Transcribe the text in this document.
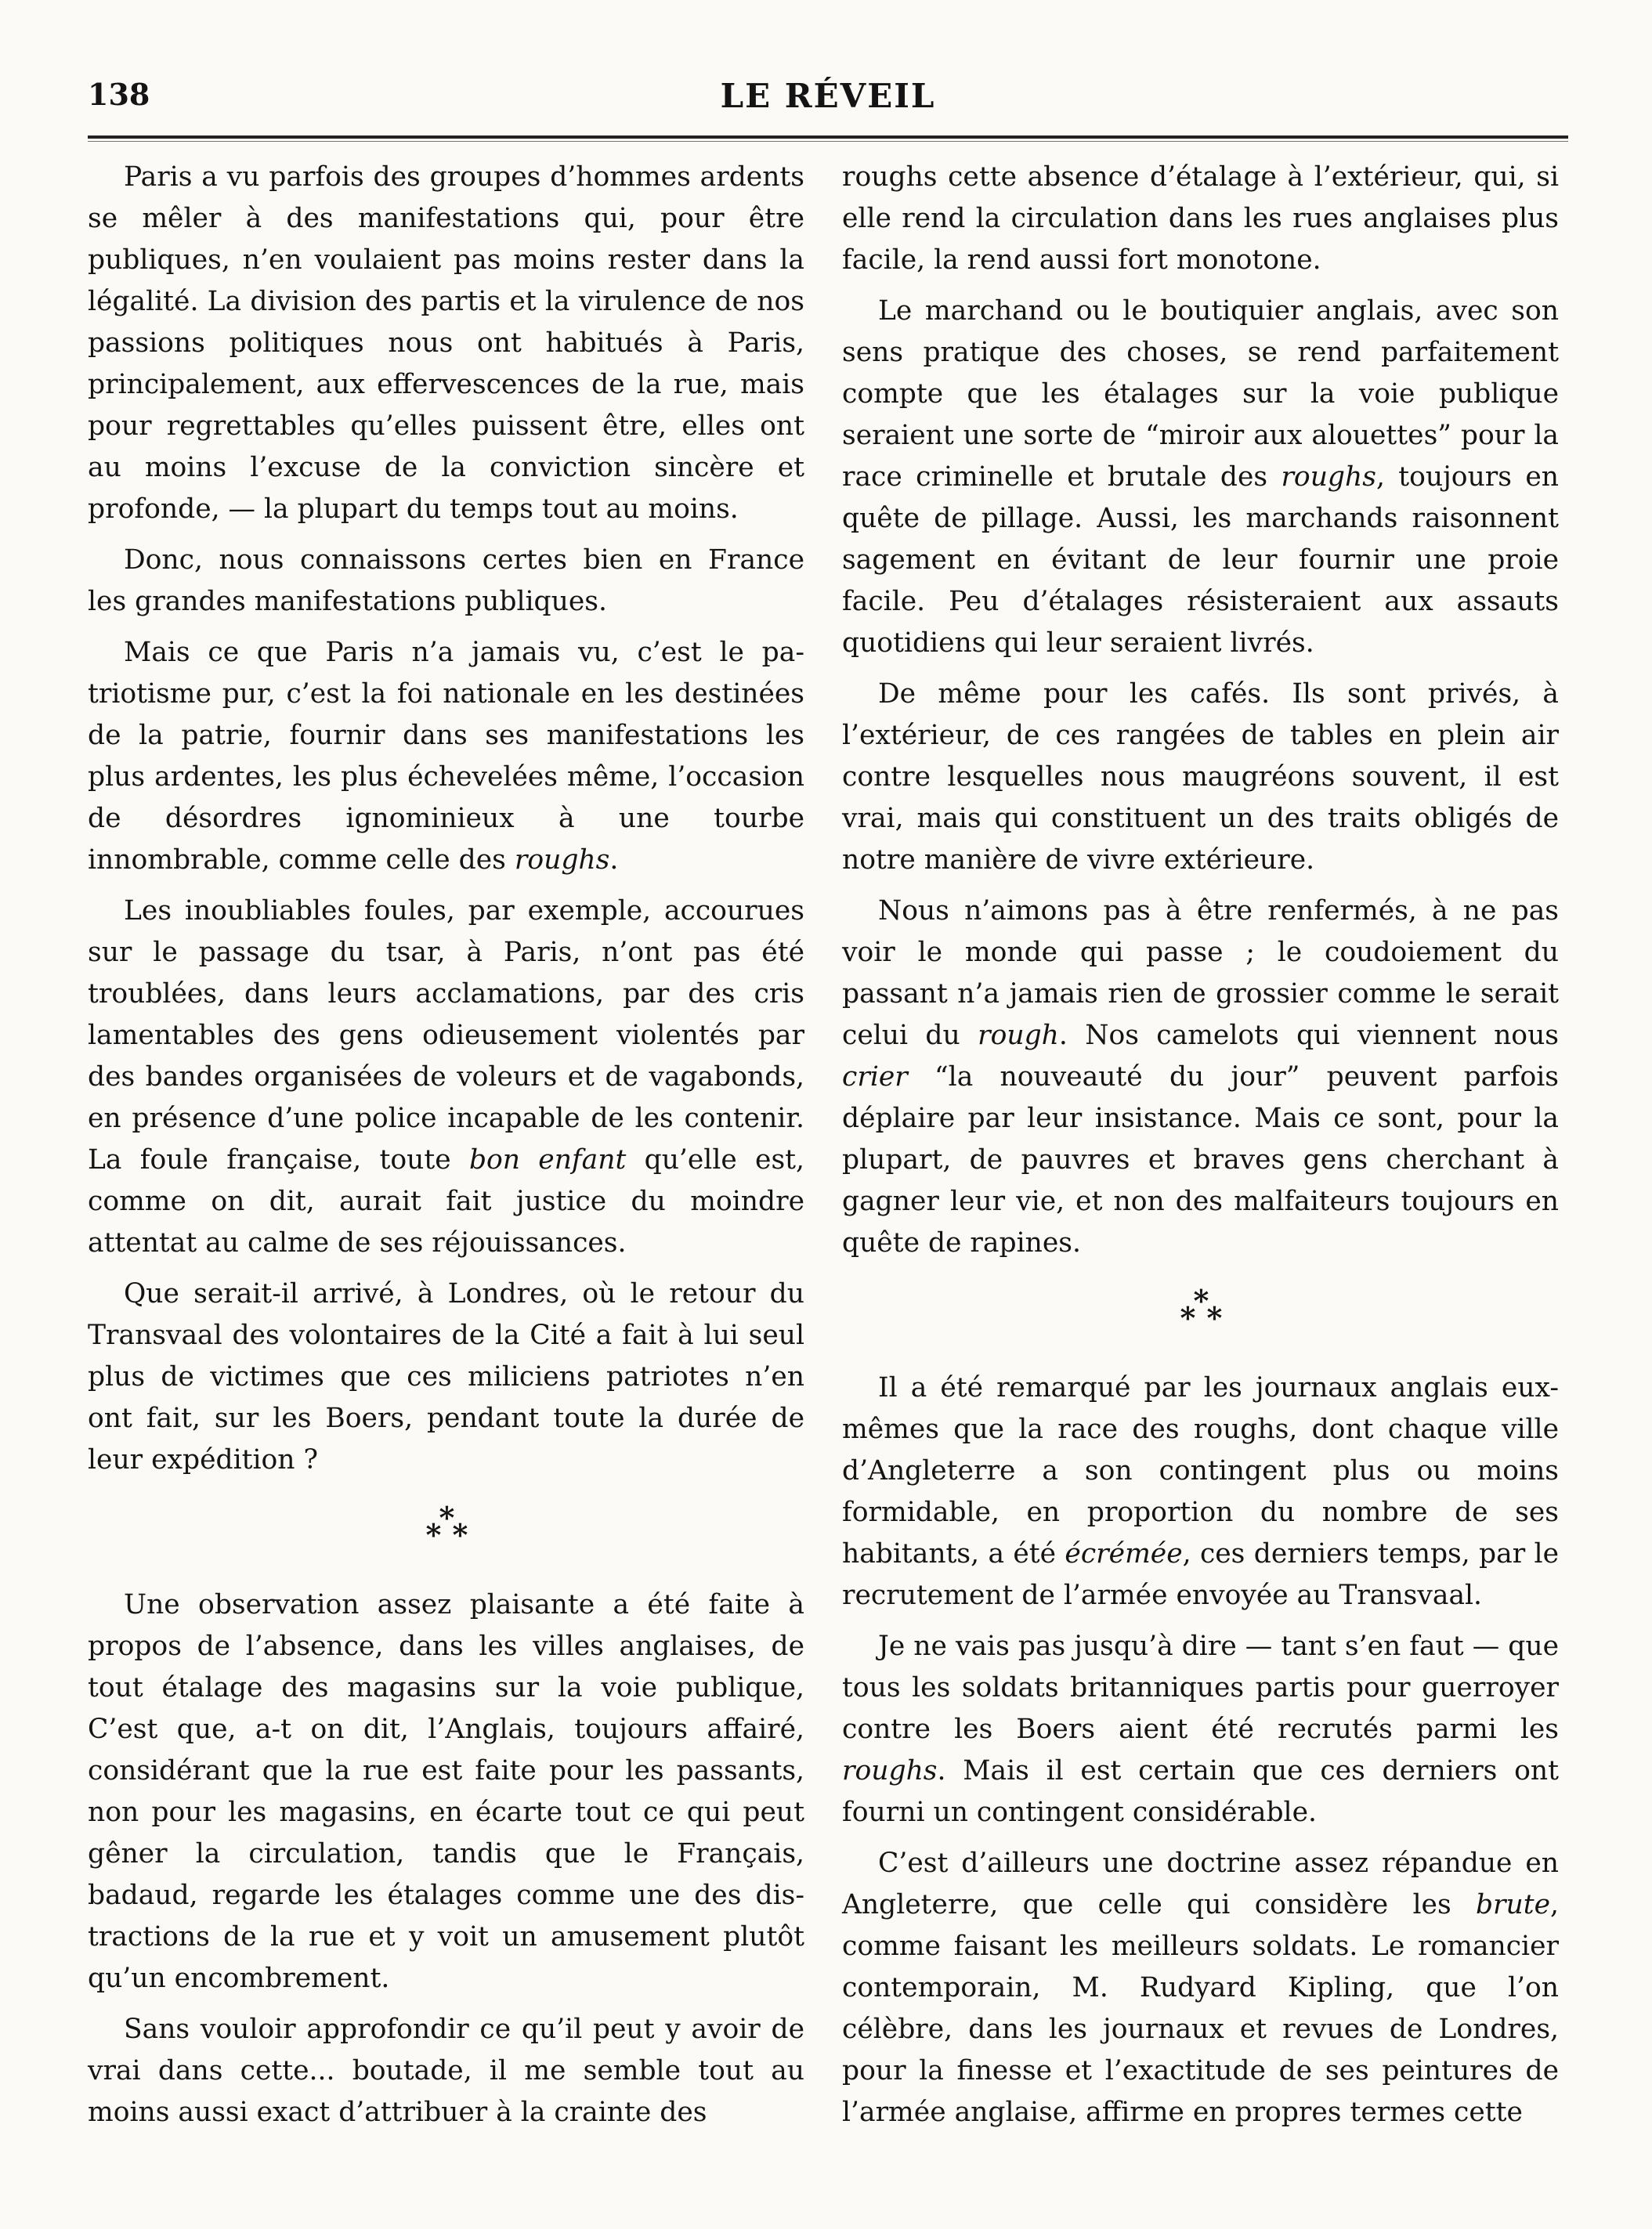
138	LE RÉVEIL

Paris a vu parfois des groupes d’hommes ardents se mêler à des manifestations qui, pour être publiques, n’en voulaient pas moins rester dans la légalité. La division des partis et la virulence de nos passions politiques nous ont habitués à Paris, principalement, aux effervescences de la rue, mais pour regrettables qu’elles puissent être, elles ont au moins l’excuse de la conviction sincère et profonde, — la plupart du temps tout au moins.

Donc, nous connaissons certes bien en France les grandes manifestations publiques.

Mais ce que Paris n’a jamais vu, c’est le patriotisme pur, c’est la foi nationale en les destinées de la patrie, fournir dans ses manifestations les plus ardentes, les plus échevelées même, l’occasion de désordres ignominieux à une tourbe innombrable, comme celle des roughs.

Les inoubliables foules, par exemple, accourues sur le passage du tsar, à Paris, n’ont pas été troublées, dans leurs acclamations, par des cris lamentables des gens odieusement violentés par des bandes organisées de voleurs et de vagabonds, en présence d’une police incapable de les contenir. La foule française, toute bon enfant qu’elle est, comme on dit, aurait fait justice du moindre attentat au calme de ses réjouissances.

Que serait-il arrivé, à Londres, où le retour du Transvaal des volontaires de la Cité a fait à lui seul plus de victimes que ces miliciens patriotes n’en ont fait, sur les Boers, pendant toute la durée de leur expédition ?

*
*
*

Une observation assez plaisante a été faite à propos de l’absence, dans les villes anglaises, de tout étalage des magasins sur la voie publique, C’est que, a-t on dit, l’Anglais, toujours affairé, considérant que la rue est faite pour les passants, non pour les magasins, en écarte tout ce qui peut gêner la circulation, tandis que le Français, badaud, regarde les étalages comme une des distractions de la rue et y voit un amusement plutôt qu’un encombrement.

Sans vouloir approfondir ce qu’il peut y avoir de vrai dans cette... boutade, il me semble tout au moins aussi exact d’attribuer à la crainte des

roughs cette absence d’étalage à l’extérieur, qui, si elle rend la circulation dans les rues anglaises plus facile, la rend aussi fort monotone.

Le marchand ou le boutiquier anglais, avec son sens pratique des choses, se rend parfaitement compte que les étalages sur la voie publique seraient une sorte de “miroir aux alouettes” pour la race criminelle et brutale des roughs, toujours en quête de pillage. Aussi, les marchands raisonnent sagement en évitant de leur fournir une proie facile. Peu d’étalages résisteraient aux assauts quotidiens qui leur seraient livrés.

De même pour les cafés. Ils sont privés, à l’extérieur, de ces rangées de tables en plein air contre lesquelles nous maugréons souvent, il est vrai, mais qui constituent un des traits obligés de notre manière de vivre extérieure.

Nous n’aimons pas à être renfermés, à ne pas voir le monde qui passe ; le coudoiement du passant n’a jamais rien de grossier comme le serait celui du rough. Nos camelots qui viennent nous crier “la nouveauté du jour” peuvent parfois déplaire par leur insistance. Mais ce sont, pour la plupart, de pauvres et braves gens cherchant à gagner leur vie, et non des malfaiteurs toujours en quête de rapines.

*
*
*

Il a été remarqué par les journaux anglais eux-mêmes que la race des roughs, dont chaque ville d’Angleterre a son contingent plus ou moins formidable, en proportion du nombre de ses habitants, a été écrémée, ces derniers temps, par le recrutement de l’armée envoyée au Transvaal.

Je ne vais pas jusqu’à dire — tant s’en faut — que tous les soldats britanniques partis pour guerroyer contre les Boers aient été recrutés parmi les roughs. Mais il est certain que ces derniers ont fourni un contingent considérable.

C’est d’ailleurs une doctrine assez répandue en Angleterre, que celle qui considère les brute, comme faisant les meilleurs soldats. Le romancier contemporain, M. Rudyard Kipling, que l’on célèbre, dans les journaux et revues de Londres, pour la finesse et l’exactitude de ses peintures de l’armée anglaise, affirme en propres termes cette
